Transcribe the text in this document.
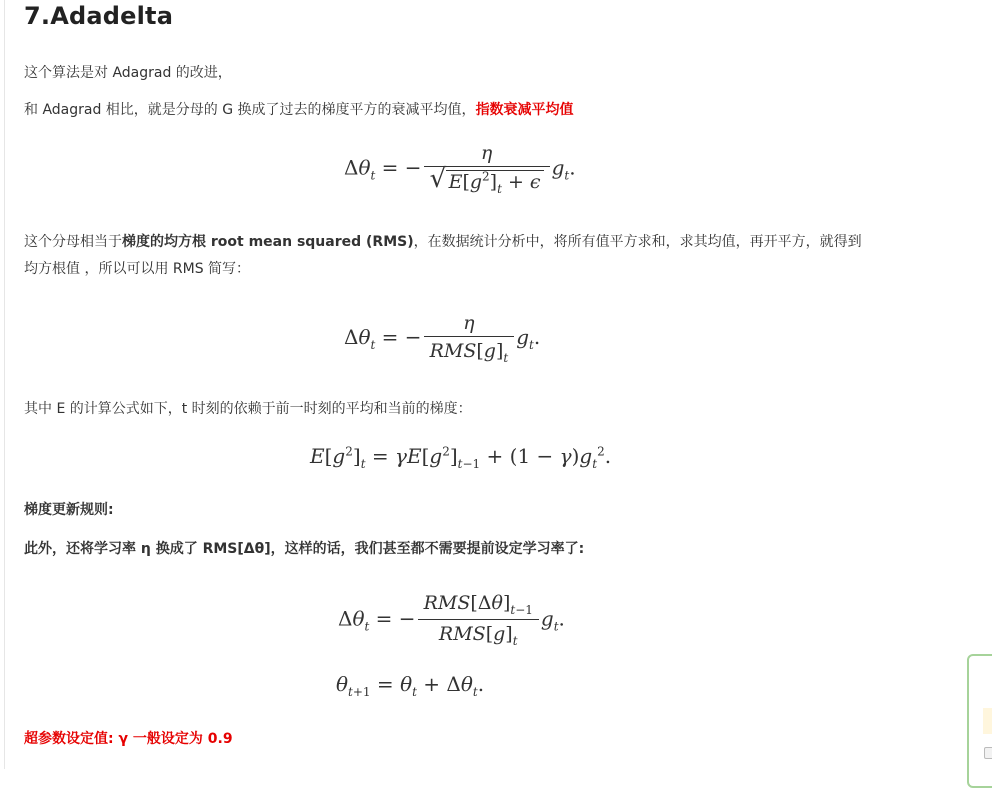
7.Adadelta

这个算法是对 Adagrad 的改进，

和 Adagrad 相比，就是分母的 G 换成了过去的梯度平方的衰减平均值，指数衰减平均值

$\Delta\theta_t$ = − $\frac{\eta}{√ E[g^2]_t + \epsilon} g_t$.

这个分母相当于梯度的均方根 root mean squared (RMS)，在数据统计分析中，将所有值平方求和，求其均值，再开平方，就得到

均方根值 ，所以可以用 RMS 简写：

$\Delta\theta_t$ = − $\frac{\eta}{RMS[g]_t} g_t$.

其中 E 的计算公式如下，t 时刻的依赖于前一时刻的平均和当前的梯度：

$E[g^2]_t = \gamma E[g^2]_{t-1} + (1 - \gamma)g_t^2$.

梯度更新规则:

此外，还将学习率 η 换成了 RMS[Δθ]，这样的话，我们甚至都不需要提前设定学习率了:

$\Delta\theta_t$ = − $\frac{RMS[\Delta\theta]_{t-1}}{RMS[g]_t} g_t$.
$\theta_{t+1} = \theta_t + \Delta\theta_t$.

超参数设定值: γ 一般设定为 0.9
